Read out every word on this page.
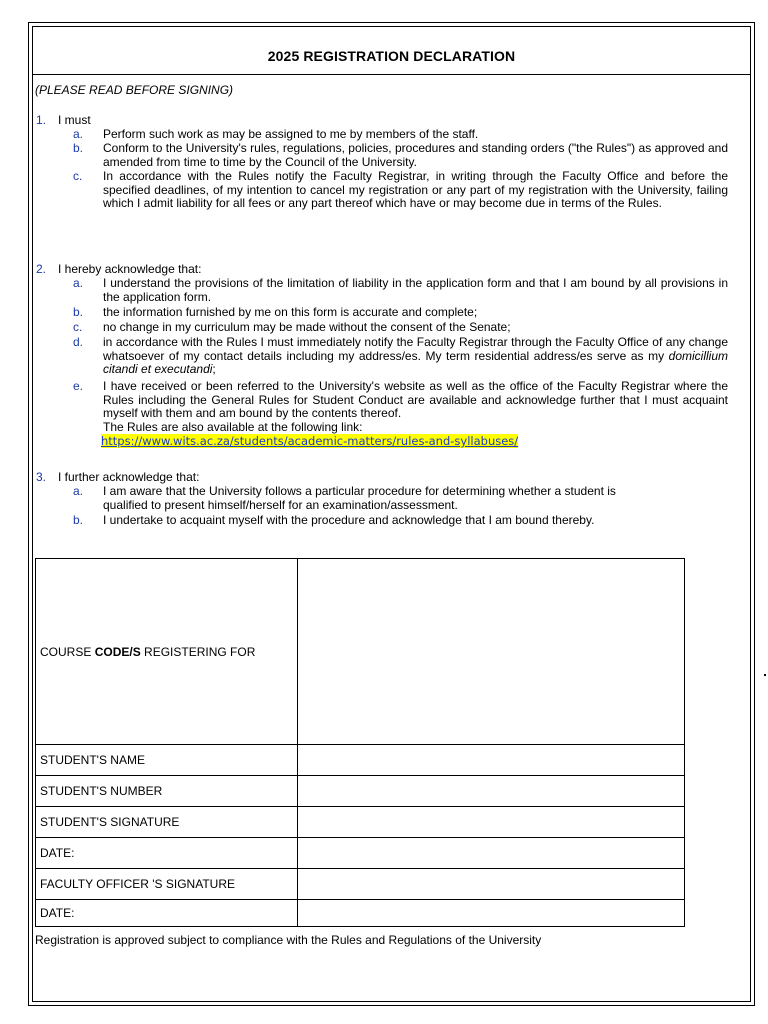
2025 REGISTRATION DECLARATION
(PLEASE READ BEFORE SIGNING)
1. I must
a. Perform such work as may be assigned to me by members of the staff.
b. Conform to the University's rules, regulations, policies, procedures and standing orders ("the Rules") as approved and amended from time to time by the Council of the University.
c. In accordance with the Rules notify the Faculty Registrar, in writing through the Faculty Office and before the specified deadlines, of my intention to cancel my registration or any part of my registration with the University, failing which I admit liability for all fees or any part thereof which have or may become due in terms of the Rules.
2. I hereby acknowledge that:
a. I understand the provisions of the limitation of liability in the application form and that I am bound by all provisions in the application form.
b. the information furnished by me on this form is accurate and complete;
c. no change in my curriculum may be made without the consent of the Senate;
d. in accordance with the Rules I must immediately notify the Faculty Registrar through the Faculty Office of any change whatsoever of my contact details including my address/es. My term residential address/es serve as my domicillium citandi et executandi;
e. I have received or been referred to the University's website as well as the office of the Faculty Registrar where the Rules including the General Rules for Student Conduct are available and acknowledge further that I must acquaint myself with them and am bound by the contents thereof.
The Rules are also available at the following link:
https://www.wits.ac.za/students/academic-matters/rules-and-syllabuses/
3. I further acknowledge that:
a. I am aware that the University follows a particular procedure for determining whether a student is
qualified to present himself/herself for an examination/assessment.
b. I undertake to acquaint myself with the procedure and acknowledge that I am bound thereby.
COURSE CODE/S REGISTERING FOR	
STUDENT'S NAME	
STUDENT'S NUMBER	
STUDENT'S SIGNATURE	
DATE:	
FACULTY OFFICER 'S SIGNATURE	
DATE:	
Registration is approved subject to compliance with the Rules and Regulations of the University
